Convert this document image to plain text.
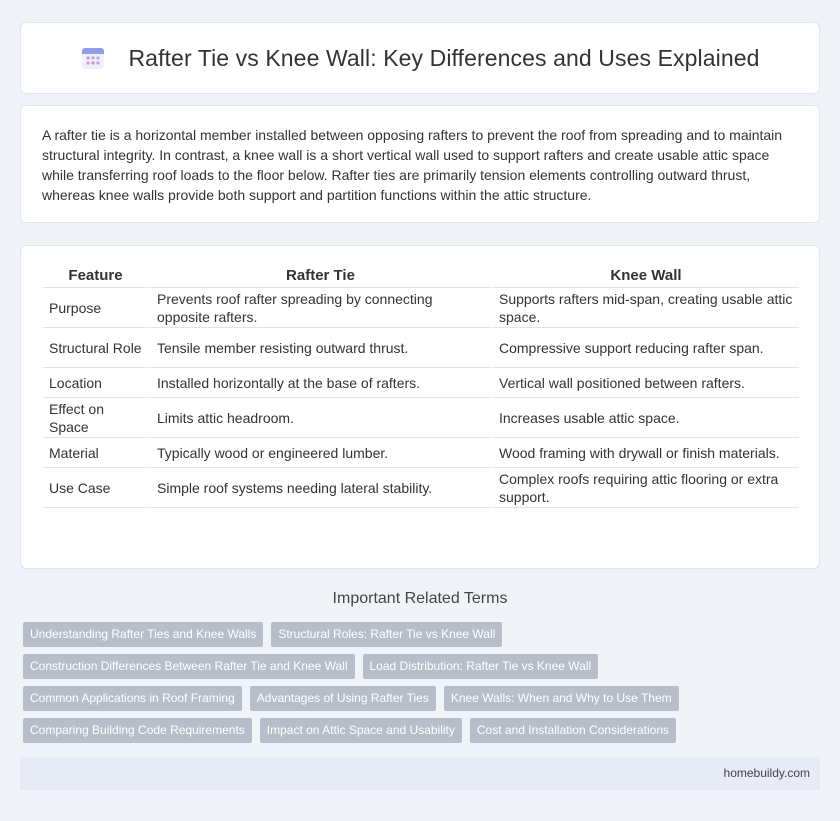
Rafter Tie vs Knee Wall: Key Differences and Uses Explained

A rafter tie is a horizontal member installed between opposing rafters to prevent the roof from spreading and to maintain structural integrity. In contrast, a knee wall is a short vertical wall used to support rafters and create usable attic space while transferring roof loads to the floor below. Rafter ties are primarily tension elements controlling outward thrust, whereas knee walls provide both support and partition functions within the attic structure.

Feature	Rafter Tie	Knee Wall
Purpose	Prevents roof rafter spreading by connecting opposite rafters.	Supports rafters mid-span, creating usable attic space.
Structural Role	Tensile member resisting outward thrust.	Compressive support reducing rafter span.
Location	Installed horizontally at the base of rafters.	Vertical wall positioned between rafters.
Effect on Space	Limits attic headroom.	Increases usable attic space.
Material	Typically wood or engineered lumber.	Wood framing with drywall or finish materials.
Use Case	Simple roof systems needing lateral stability.	Complex roofs requiring attic flooring or extra support.
Important Related Terms
Understanding Rafter Ties and Knee Walls	Structural Roles: Rafter Tie vs Knee Wall
Construction Differences Between Rafter Tie and Knee Wall	Load Distribution: Rafter Tie vs Knee Wall
Common Applications in Roof Framing	Advantages of Using Rafter Ties	Knee Walls: When and Why to Use Them
Comparing Building Code Requirements	Impact on Attic Space and Usability	Cost and Installation Considerations
homebuildy.com
